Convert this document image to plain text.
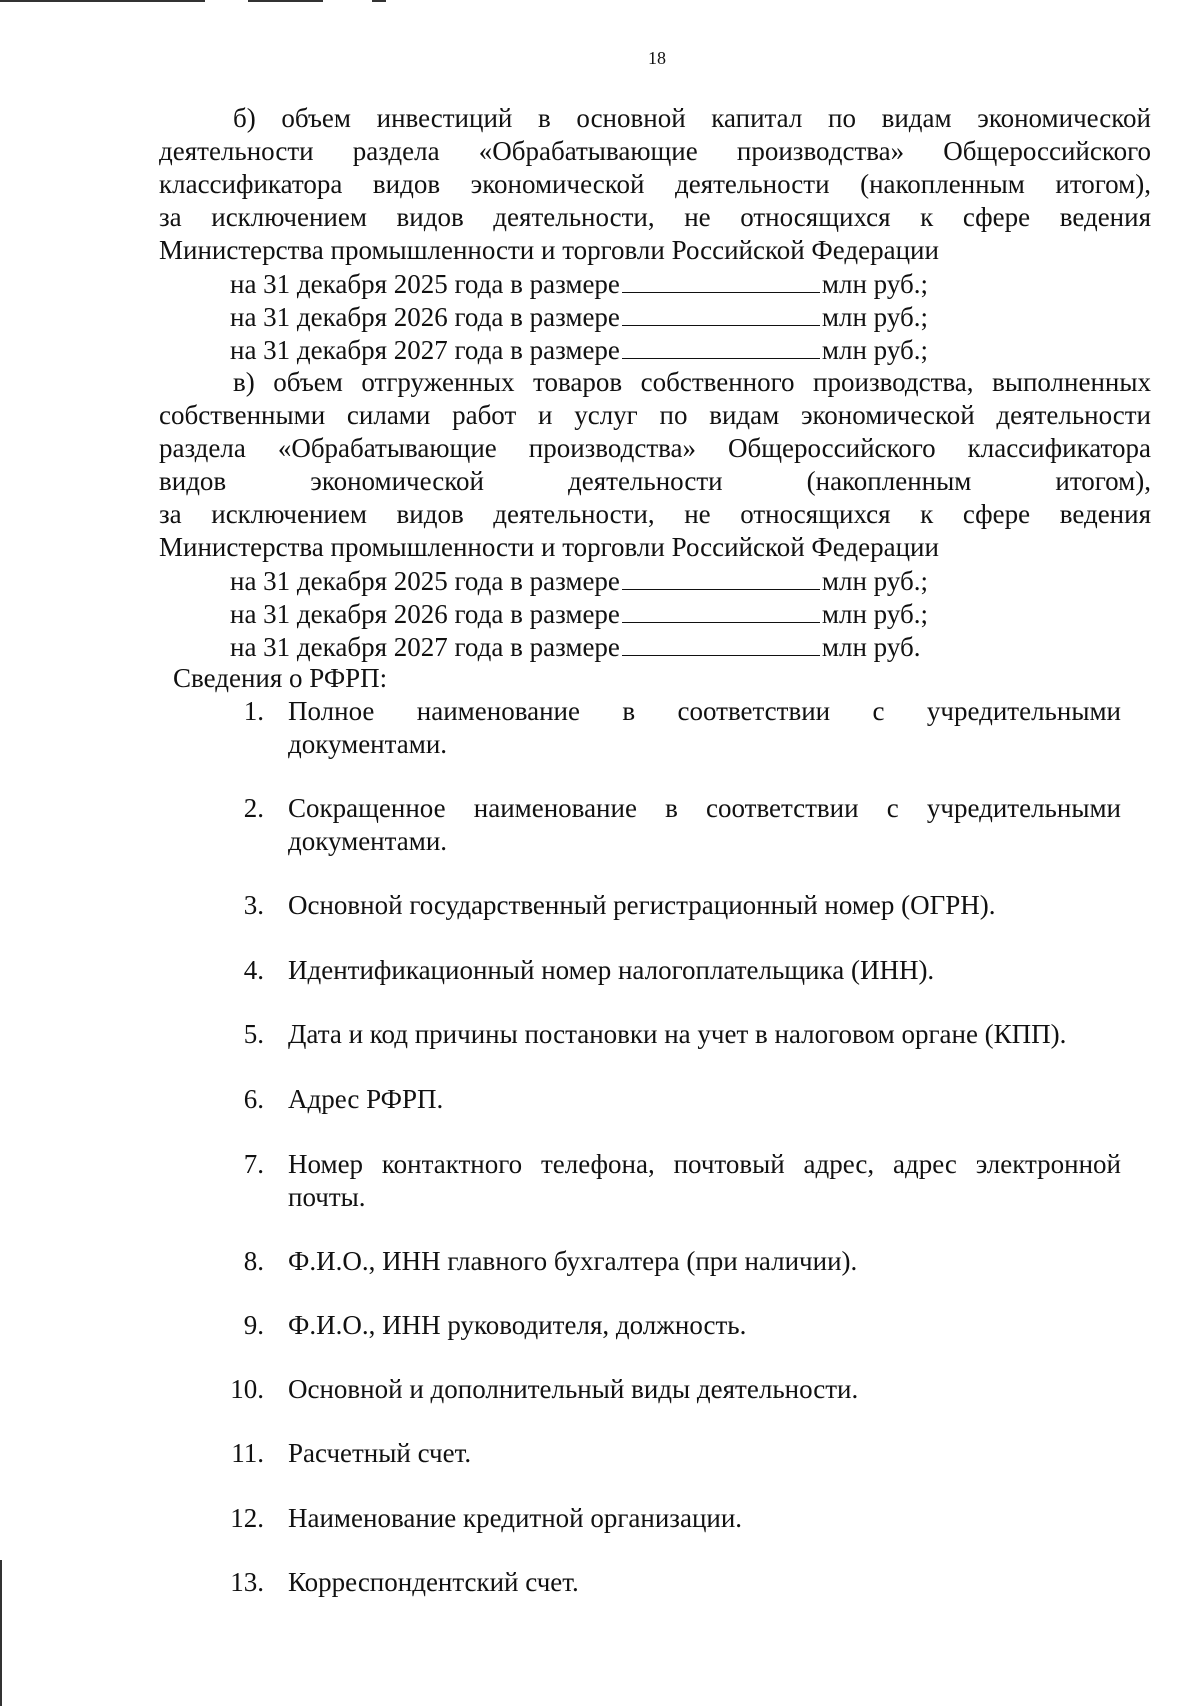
18
б) объем инвестиций в основной капитал по видам экономической
деятельности раздела «Обрабатывающие производства» Общероссийского
классификатора видов экономической деятельности (накопленным итогом),
за исключением видов деятельности, не относящихся к сфере ведения
Министерства промышленности и торговли Российской Федерации
на 31 декабря 2025 года в размере	млн руб.;
на 31 декабря 2026 года в размере	млн руб.;
на 31 декабря 2027 года в размере	млн руб.;
в) объем отгруженных товаров собственного производства, выполненных
собственными силами работ и услуг по видам экономической деятельности
раздела «Обрабатывающие производства» Общероссийского классификатора
видов экономической деятельности (накопленным итогом),
за исключением видов деятельности, не относящихся к сфере ведения
Министерства промышленности и торговли Российской Федерации
на 31 декабря 2025 года в размере	млн руб.;
на 31 декабря 2026 года в размере	млн руб.;
на 31 декабря 2027 года в размере	млн руб.
Сведения о РФРП:
1. Полное наименование в соответствии с учредительными
документами.
2. Сокращенное наименование в соответствии с учредительными
документами.
3. Основной государственный регистрационный номер (ОГРН).
4. Идентификационный номер налогоплательщика (ИНН).
5. Дата и код причины постановки на учет в налоговом органе (КПП).
6. Адрес РФРП.
7. Номер контактного телефона, почтовый адрес, адрес электронной
почты.
8. Ф.И.О., ИНН главного бухгалтера (при наличии).
9. Ф.И.О., ИНН руководителя, должность.
10. Основной и дополнительный виды деятельности.
11. Расчетный счет.
12. Наименование кредитной организации.
13. Корреспондентский счет.
